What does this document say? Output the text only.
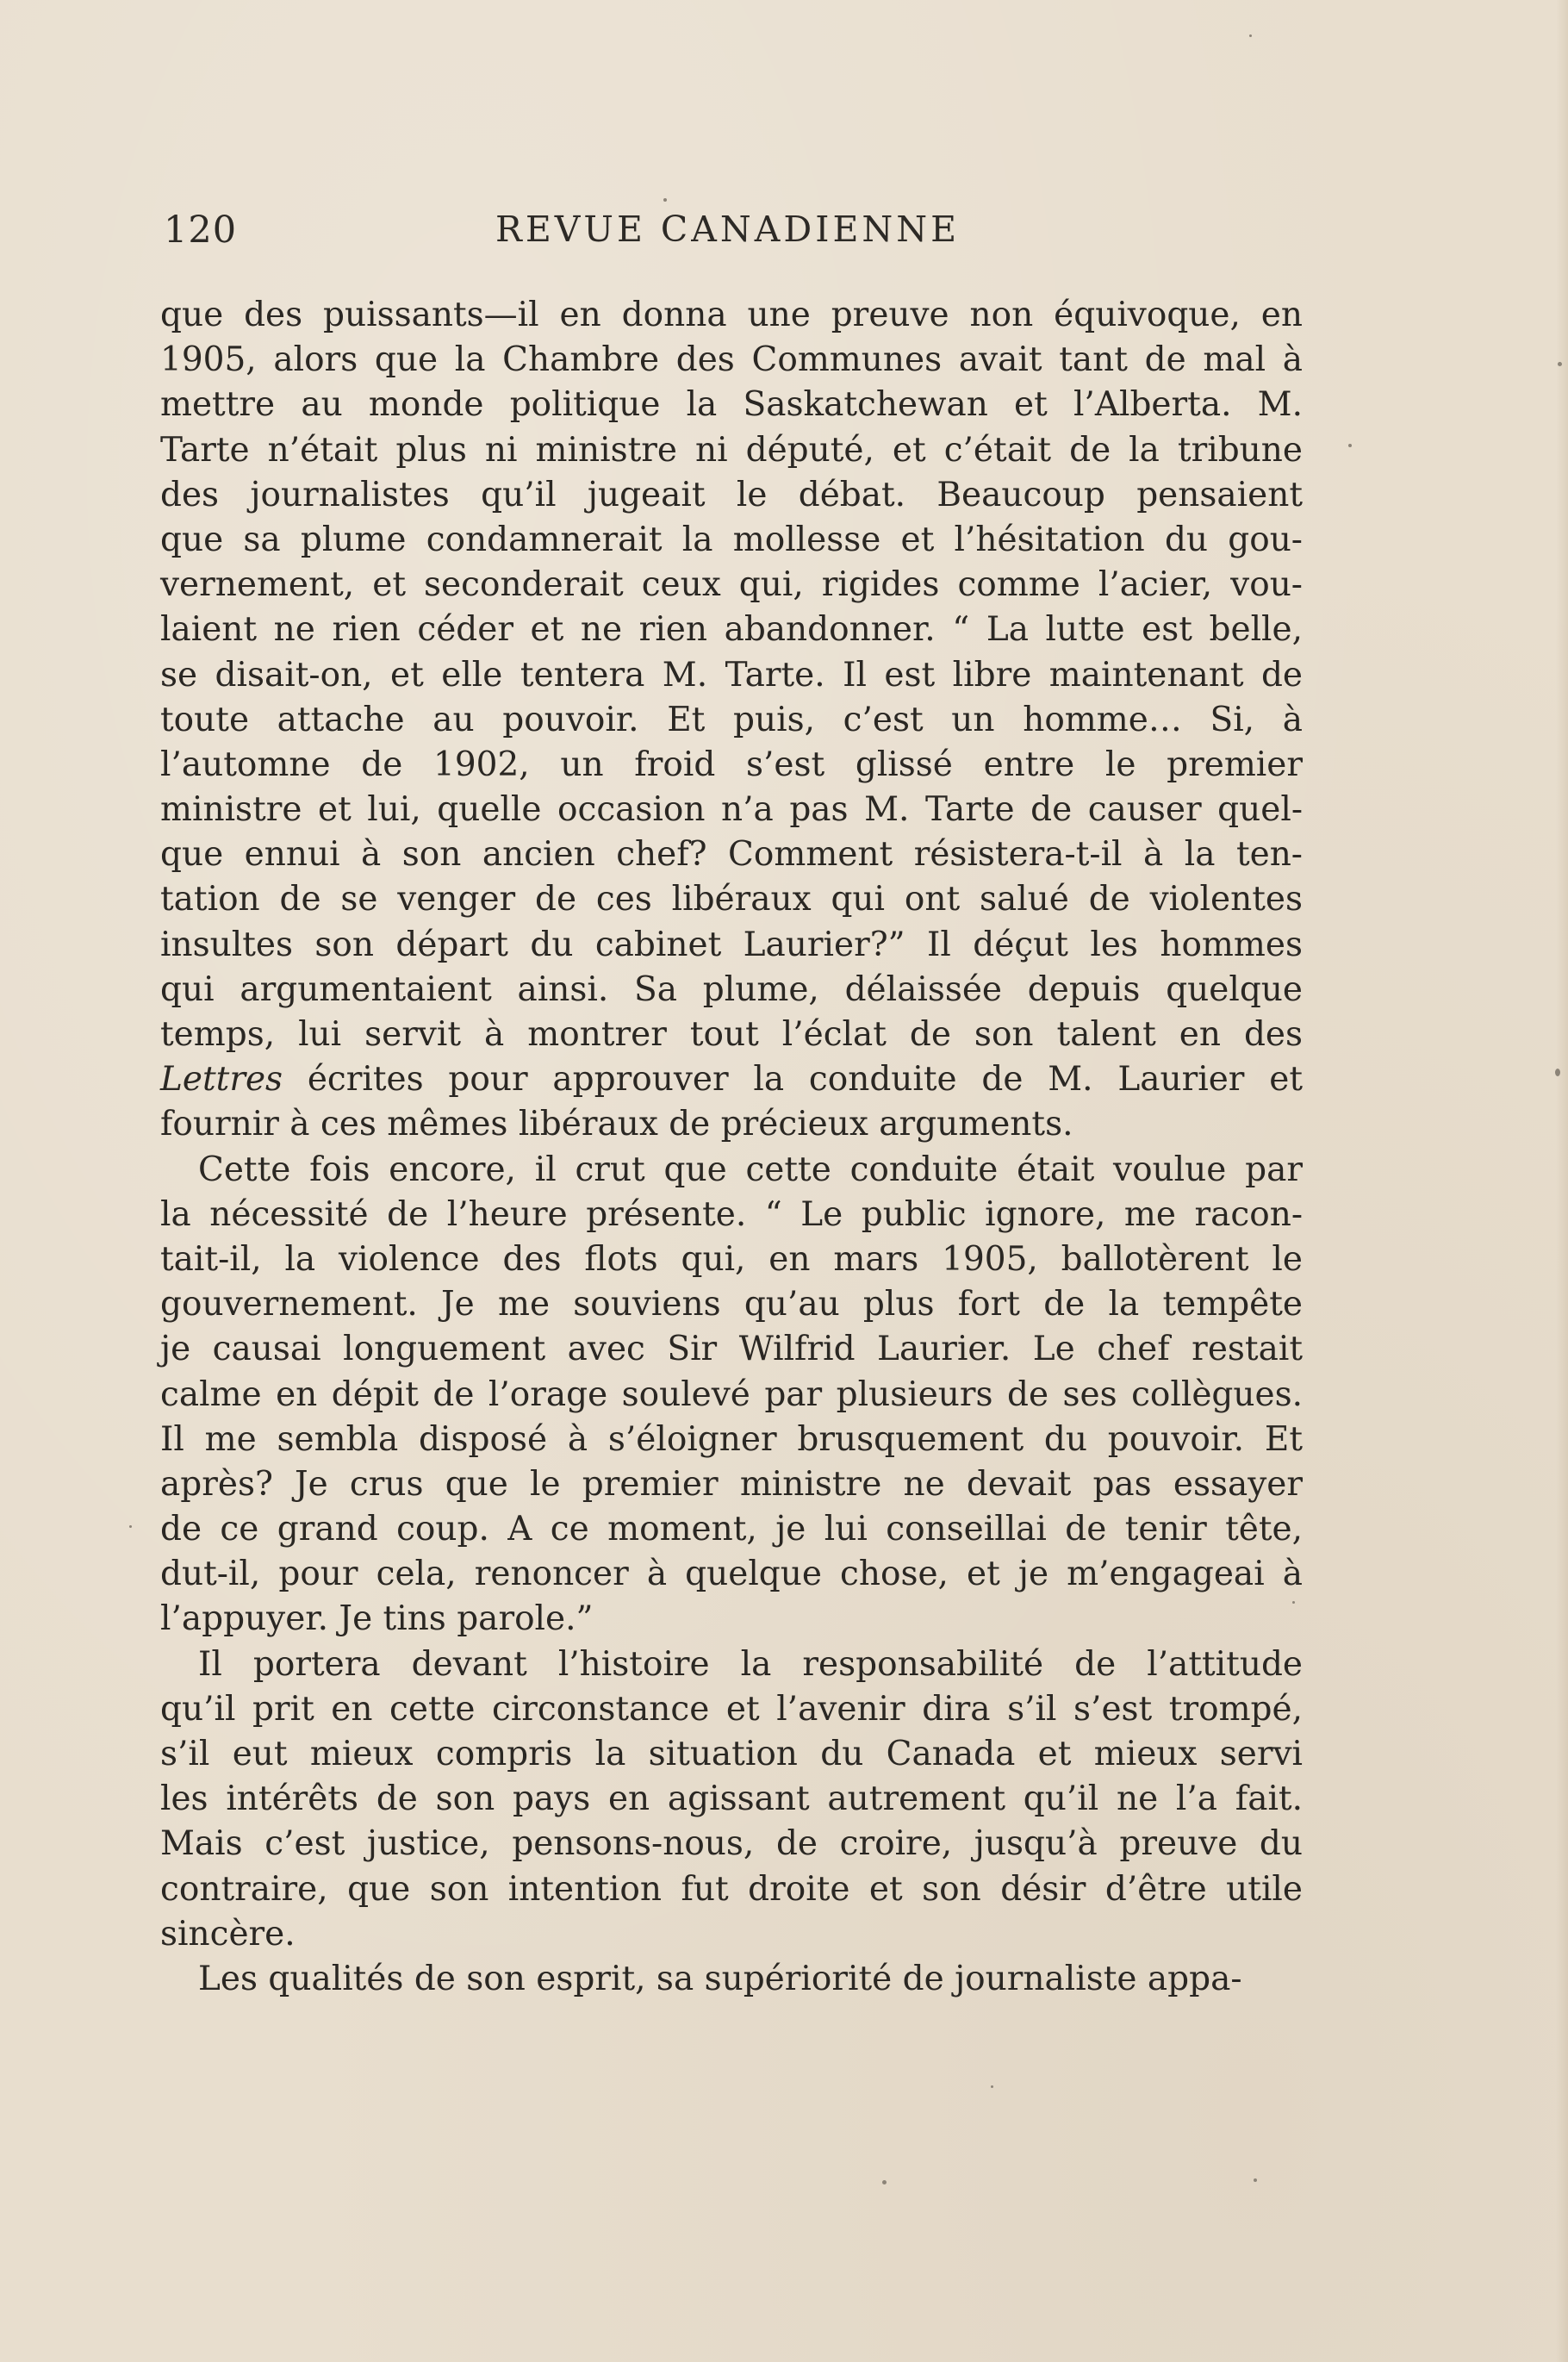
120	REVUE CANADIENNE
que des puissants—il en donna une preuve non équivoque, en
1905, alors que la Chambre des Communes avait tant de mal à
mettre au monde politique la Saskatchewan et l’Alberta. M.
Tarte n’était plus ni ministre ni député, et c’était de la tribune
des journalistes qu’il jugeait le débat. Beaucoup pensaient
que sa plume condamnerait la mollesse et l’hésitation du gou-
vernement, et seconderait ceux qui, rigides comme l’acier, vou-
laient ne rien céder et ne rien abandonner. “ La lutte est belle,
se disait-on, et elle tentera M. Tarte. Il est libre maintenant de
toute attache au pouvoir. Et puis, c’est un homme… Si, à
l’automne de 1902, un froid s’est glissé entre le premier
ministre et lui, quelle occasion n’a pas M. Tarte de causer quel-
que ennui à son ancien chef? Comment résistera-t-il à la ten-
tation de se venger de ces libéraux qui ont salué de violentes
insultes son départ du cabinet Laurier?” Il déçut les hommes
qui argumentaient ainsi. Sa plume, délaissée depuis quelque
temps, lui servit à montrer tout l’éclat de son talent en des
Lettres écrites pour approuver la conduite de M. Laurier et
fournir à ces mêmes libéraux de précieux arguments.
Cette fois encore, il crut que cette conduite était voulue par
la nécessité de l’heure présente. “ Le public ignore, me racon-
tait-il, la violence des flots qui, en mars 1905, ballotèrent le
gouvernement. Je me souviens qu’au plus fort de la tempête
je causai longuement avec Sir Wilfrid Laurier. Le chef restait
calme en dépit de l’orage soulevé par plusieurs de ses collègues.
Il me sembla disposé à s’éloigner brusquement du pouvoir. Et
après? Je crus que le premier ministre ne devait pas essayer
de ce grand coup. A ce moment, je lui conseillai de tenir tête,
dut-il, pour cela, renoncer à quelque chose, et je m’engageai à
l’appuyer. Je tins parole.”
Il portera devant l’histoire la responsabilité de l’attitude
qu’il prit en cette circonstance et l’avenir dira s’il s’est trompé,
s’il eut mieux compris la situation du Canada et mieux servi
les intérêts de son pays en agissant autrement qu’il ne l’a fait.
Mais c’est justice, pensons-nous, de croire, jusqu’à preuve du
contraire, que son intention fut droite et son désir d’être utile
sincère.
Les qualités de son esprit, sa supériorité de journaliste appa-
